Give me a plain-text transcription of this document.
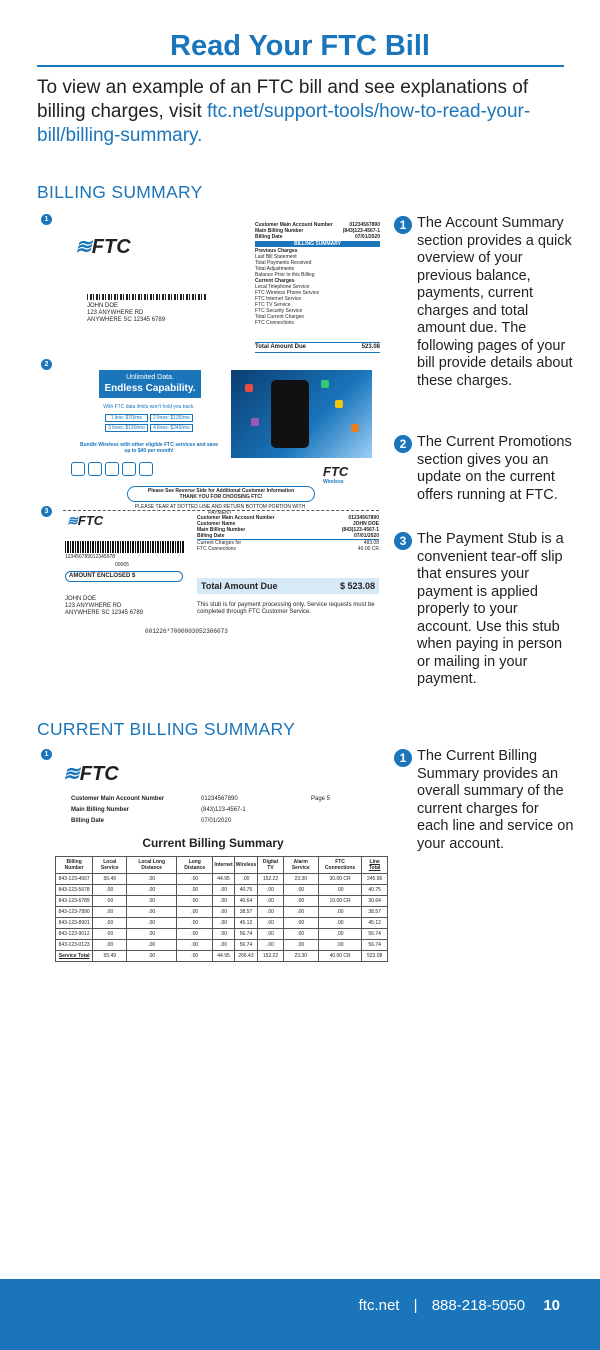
Read Your FTC Bill

To view an example of an FTC bill and see explanations of billing charges, visit ftc.net/support-tools/how-to-read-your-bill/billing-summary.

BILLING SUMMARY
1
2
3
≋FTC
JOHN DOE
123 ANYWHERE RD
ANYWHERE SC 12345 6789
Customer Main Account Number	01234567890
Main Billing Number	(843)123-4567-1
Billing Date	07/01/2020
BILLING SUMMARY
Previous Charges
Last Bill Statement
Total Payments Received
Total Adjustments
Balance Prior to this Billing
Current Charges
Local Telephone Service
FTC Wireless Phone Service
FTC Internet Service
FTC TV Service
FTC Security Service
Total Current Charges
FTC Connections
Total Amount Due	523.08
Unlimited Data.
Endless Capability.
With FTC data limits won't hold you back.
1 line: $70/mo	2 lines: $135/mo
3 lines: $190/mo	4 lines: $245/mo
Bundle Wireless with other eligible FTC services and save up to $40 per month!
FTC
Wireless
Please See Reverse Side for Additional Customer Information
THANK YOU FOR CHOOSING FTC!
PLEASE TEAR AT DOTTED LINE AND RETURN BOTTOM PORTION WITH PAYMENT
≋FTC	Customer Main Account Number	01234567890
Customer Name	JOHN DOE
Main Billing Number	(843)123-4567-1
Billing Date	07/01/2020
Current Charges for	483.08
FTC Connections	40.00 CR
123456789012345678
00065
AMOUNT ENCLOSED $
Total Amount Due	$ 523.08
JOHN DOE
123 ANYWHERE RD
ANYWHERE SC 12345 6789
This stub is for payment processing only. Service requests must be completed through FTC Customer Service.
001226*7000003052306073
1 The Account Summary section provides a quick overview of your previous balance, payments, current charges and total amount due. The following pages of your bill provide details about these charges.
2 The Current Promotions section gives you an update on the current offers running at FTC.
3 The Payment Stub is a convenient tear-off slip that ensures your payment is applied properly to your account. Use this stub when paying in person or mailing in your payment.
CURRENT BILLING SUMMARY
1
≋FTC
Customer Main Account Number	01234567890	Page 5
Main Billing Number	(843)123-4567-1
Billing Date	07/01/2020
Current Billing Summary
Billing Number	Local Service	Local Long Distance	Long Distance	Internet	Wireless	Digital TV	Alarm Service	FTC Connections	Line Total
843-123-4567	55.49	.00	.00	44.95	.00	152.22	23.30	30.00 CR	245.96
843-123-5678	.00	.00	.00	.00	40.75	.00	.00	.00	40.75
843-123-6789	.00	.00	.00	.00	40.64	.00	.00	10.00 CR	30.64
843-123-7890	.00	.00	.00	.00	38.57	.00	.00	.00	38.57
843-123-8901	.00	.00	.00	.00	45.12	.00	.00	.00	45.12
843-123-9012	.00	.00	.00	.00	56.74	.00	.00	.00	56.74
843-123-0123	.00	.00	.00	.00	56.74	.00	.00	.00	56.74
Service Total	55.49	.00	.00	44.95	266.43	152.22	23.30	40.00 CR	523.08
1 The Current Billing Summary provides an overall summary of the current charges for each line and service on your account.
ftc.net | 888-218-5050 10
